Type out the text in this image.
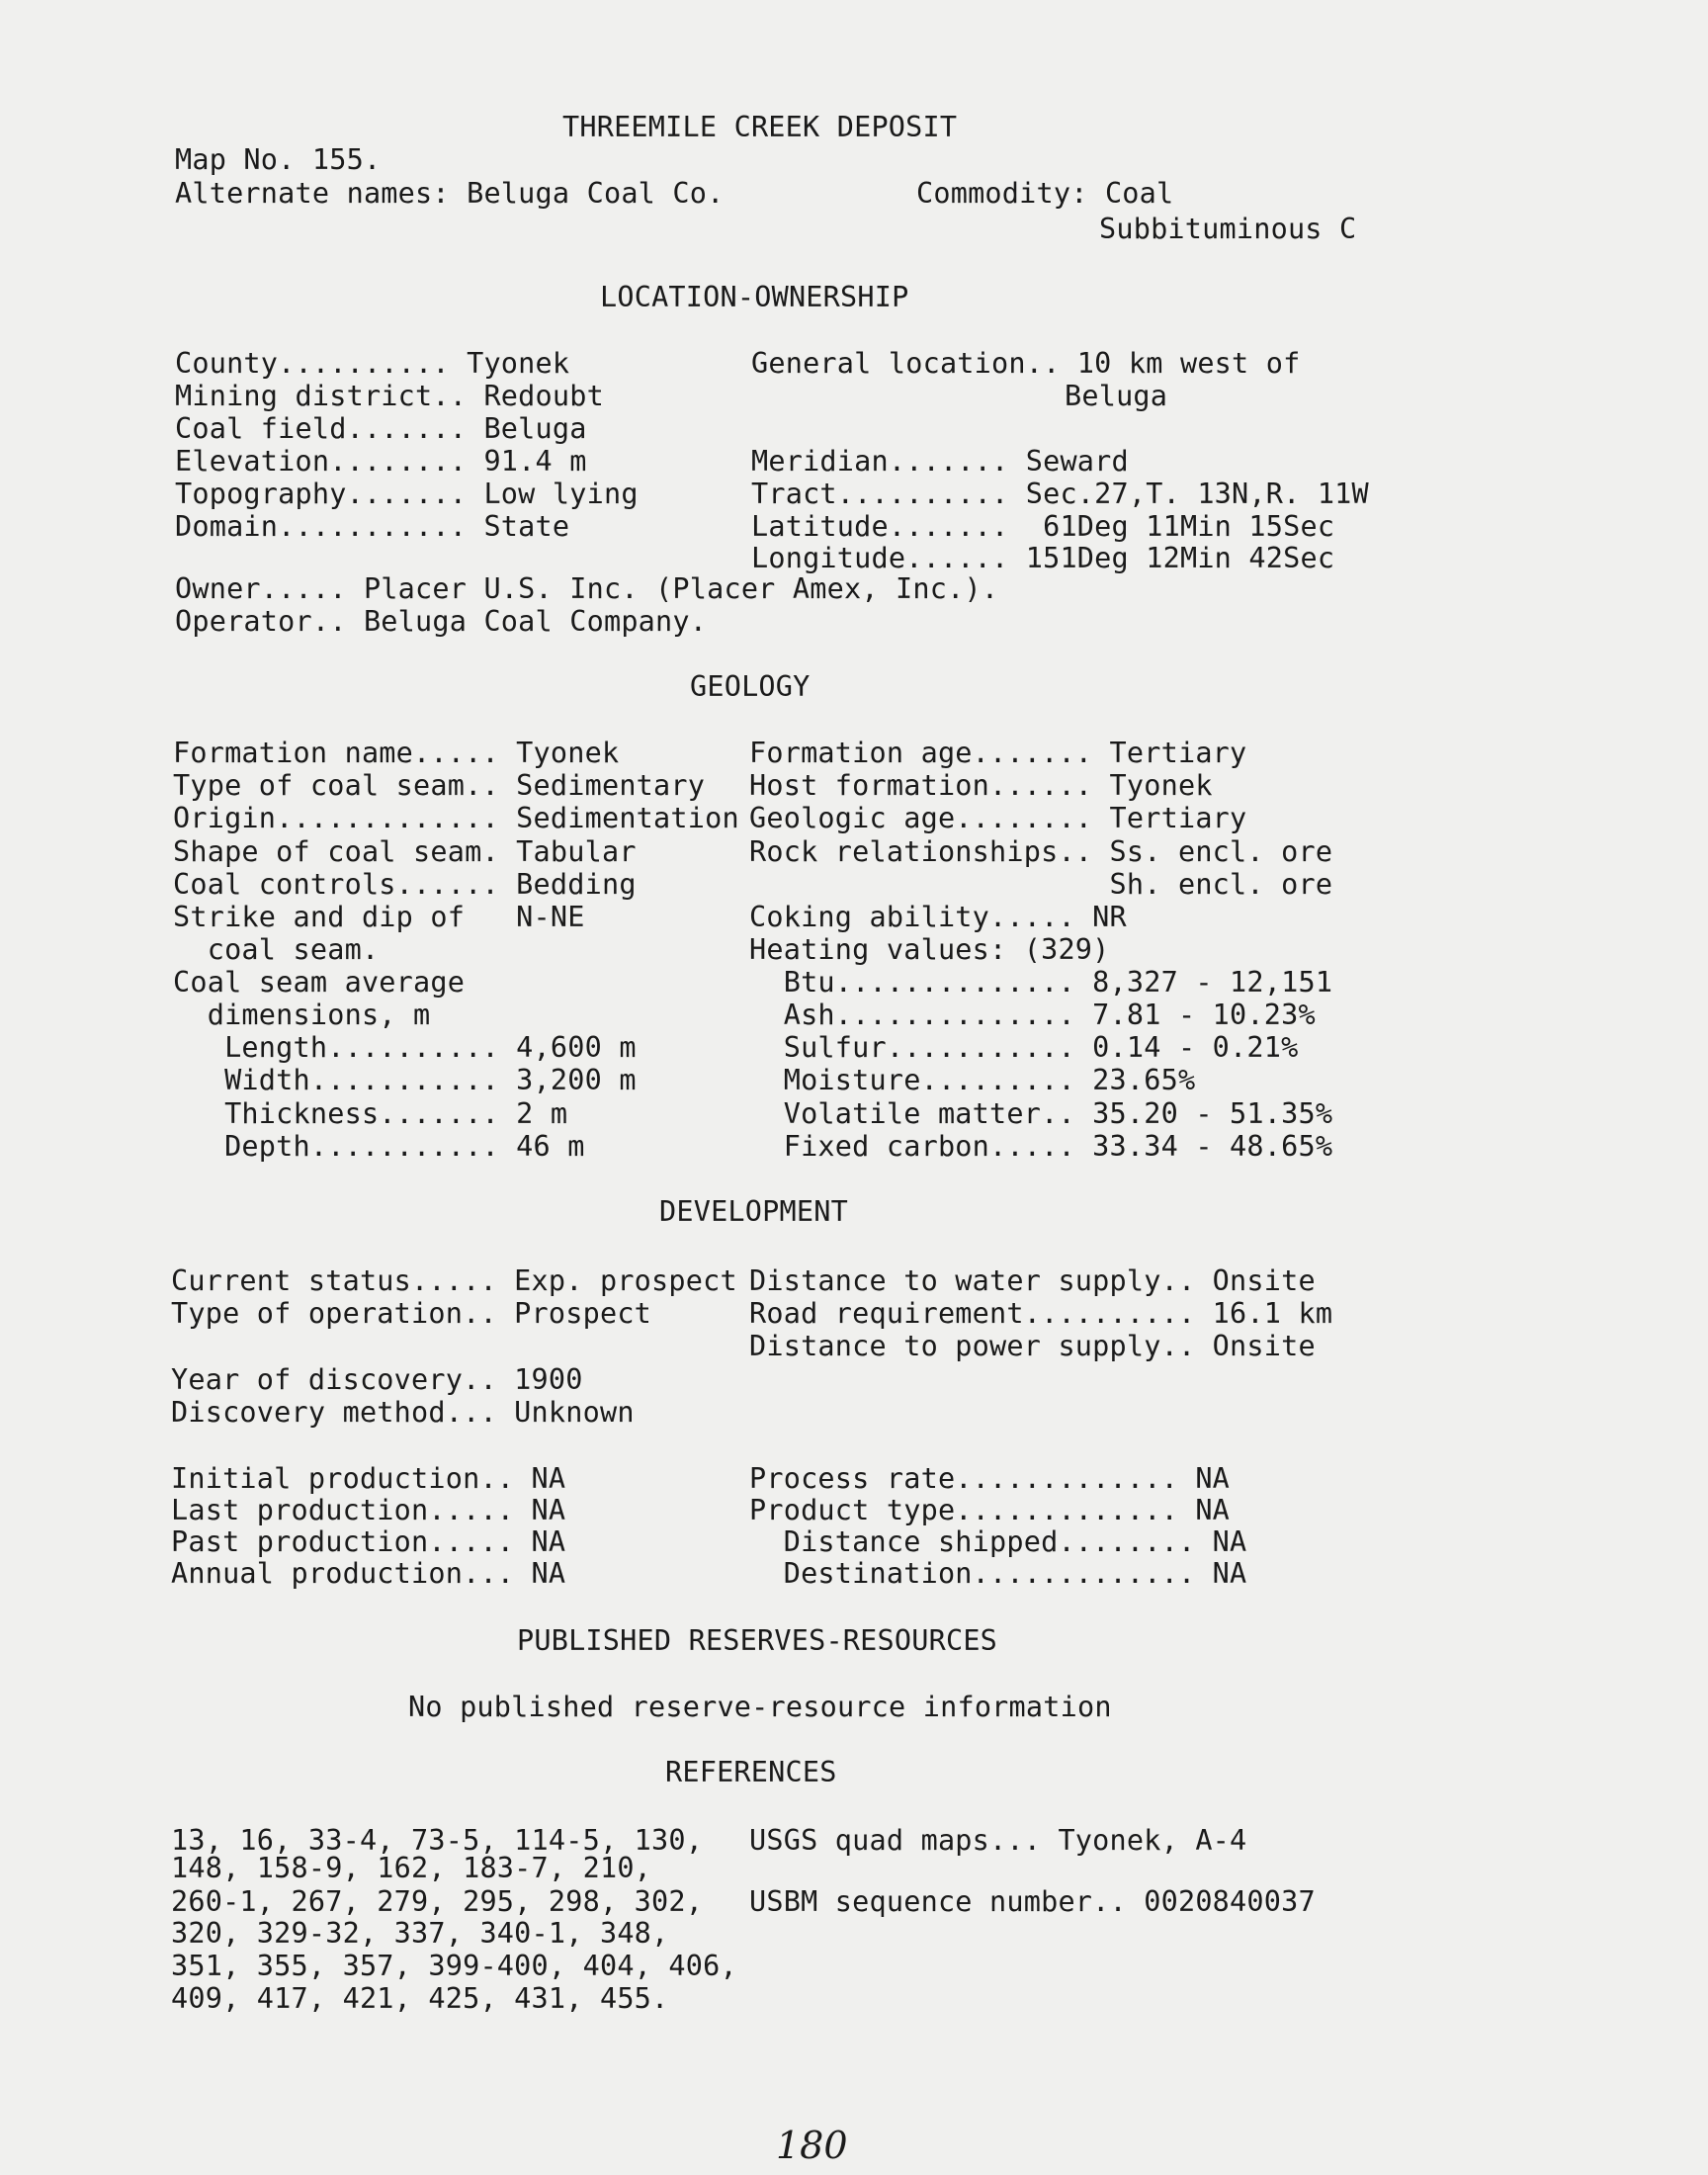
THREEMILE CREEK DEPOSIT
Map No. 155.
Alternate names: Beluga Coal Co.	Commodity: Coal
Subbituminous C
LOCATION-OWNERSHIP
County.......... Tyonek
Mining district.. Redoubt
Coal field....... Beluga
Elevation........ 91.4 m
Topography....... Low lying
Domain........... State
General location.. 10 km west of
Beluga
Meridian....... Seward
Tract.......... Sec.27,T. 13N,R. 11W
Latitude.......  61Deg 11Min 15Sec
Longitude...... 151Deg 12Min 42Sec
Owner..... Placer U.S. Inc. (Placer Amex, Inc.).
Operator.. Beluga Coal Company.
GEOLOGY
Formation name..... Tyonek
Type of coal seam.. Sedimentary
Origin............. Sedimentation
Shape of coal seam. Tabular
Coal controls...... Bedding
Strike and dip of   N-NE
coal seam.
Coal seam average
dimensions, m
Length.......... 4,600 m
Width........... 3,200 m
Thickness....... 2 m
Depth........... 46 m
Formation age....... Tertiary
Host formation...... Tyonek
Geologic age........ Tertiary
Rock relationships.. Ss. encl. ore
Sh. encl. ore
Coking ability..... NR
Heating values: (329)
Btu.............. 8,327 - 12,151
Ash.............. 7.81 - 10.23%
Sulfur........... 0.14 - 0.21%
Moisture......... 23.65%
Volatile matter.. 35.20 - 51.35%
Fixed carbon..... 33.34 - 48.65%
DEVELOPMENT
Current status..... Exp. prospect
Type of operation.. Prospect
Year of discovery.. 1900
Discovery method... Unknown
Distance to water supply.. Onsite
Road requirement.......... 16.1 km
Distance to power supply.. Onsite
Initial production.. NA
Last production..... NA
Past production..... NA
Annual production... NA
Process rate............. NA
Product type............. NA
Distance shipped........ NA
Destination............. NA
PUBLISHED RESERVES-RESOURCES
No published reserve-resource information
REFERENCES
13, 16, 33-4, 73-5, 114-5, 130,
148, 158-9, 162, 183-7, 210,
260-1, 267, 279, 295, 298, 302,
320, 329-32, 337, 340-1, 348,
351, 355, 357, 399-400, 404, 406,
409, 417, 421, 425, 431, 455.
USGS quad maps... Tyonek, A-4
USBM sequence number.. 0020840037
180
